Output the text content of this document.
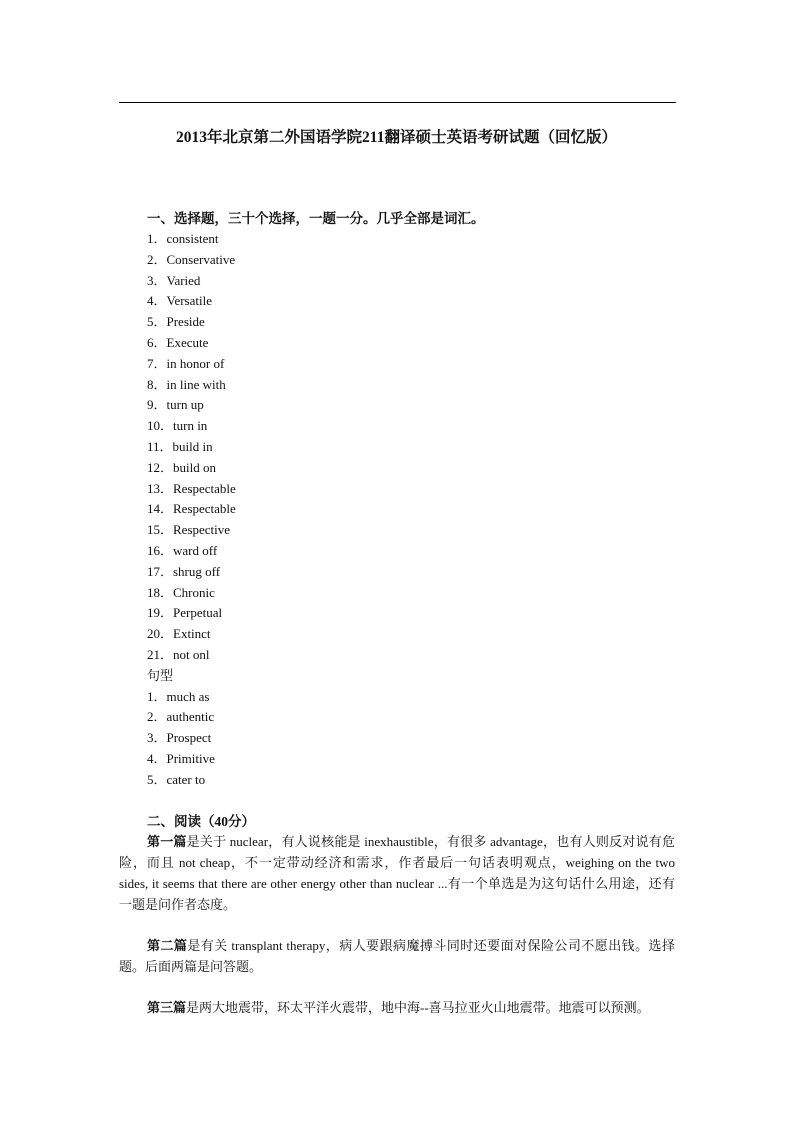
2013年北京第二外国语学院211翻译硕士英语考研试题（回忆版）
一、选择题，三十个选择，一题一分。几乎全部是词汇。
1．consistent
2．Conservative
3．Varied
4．Versatile
5．Preside
6．Execute
7．in honor of
8．in line with
9．turn up
10．turn in
11．build in
12．build on
13．Respectable
14．Respectable
15．Respective
16．ward off
17．shrug off
18．Chronic
19．Perpetual
20．Extinct
21．not onl
句型
1．much as
2．authentic
3．Prospect
4．Primitive
5．cater to
二、阅读（40分）

第一篇是关于 nuclear，有人说核能是 inexhaustible，有很多 advantage，也有人则反对说有危险，而且 not cheap，不一定带动经济和需求，作者最后一句话表明观点，weighing on the two sides, it seems that there are other energy other than nuclear ...有一个单选是为这句话什么用途，还有一题是问作者态度。

第二篇是有关 transplant therapy，病人要跟病魔搏斗同时还要面对保险公司不愿出钱。选择题。后面两篇是问答题。

第三篇是两大地震带，环太平洋火震带，地中海--喜马拉亚火山地震带。地震可以预测。
